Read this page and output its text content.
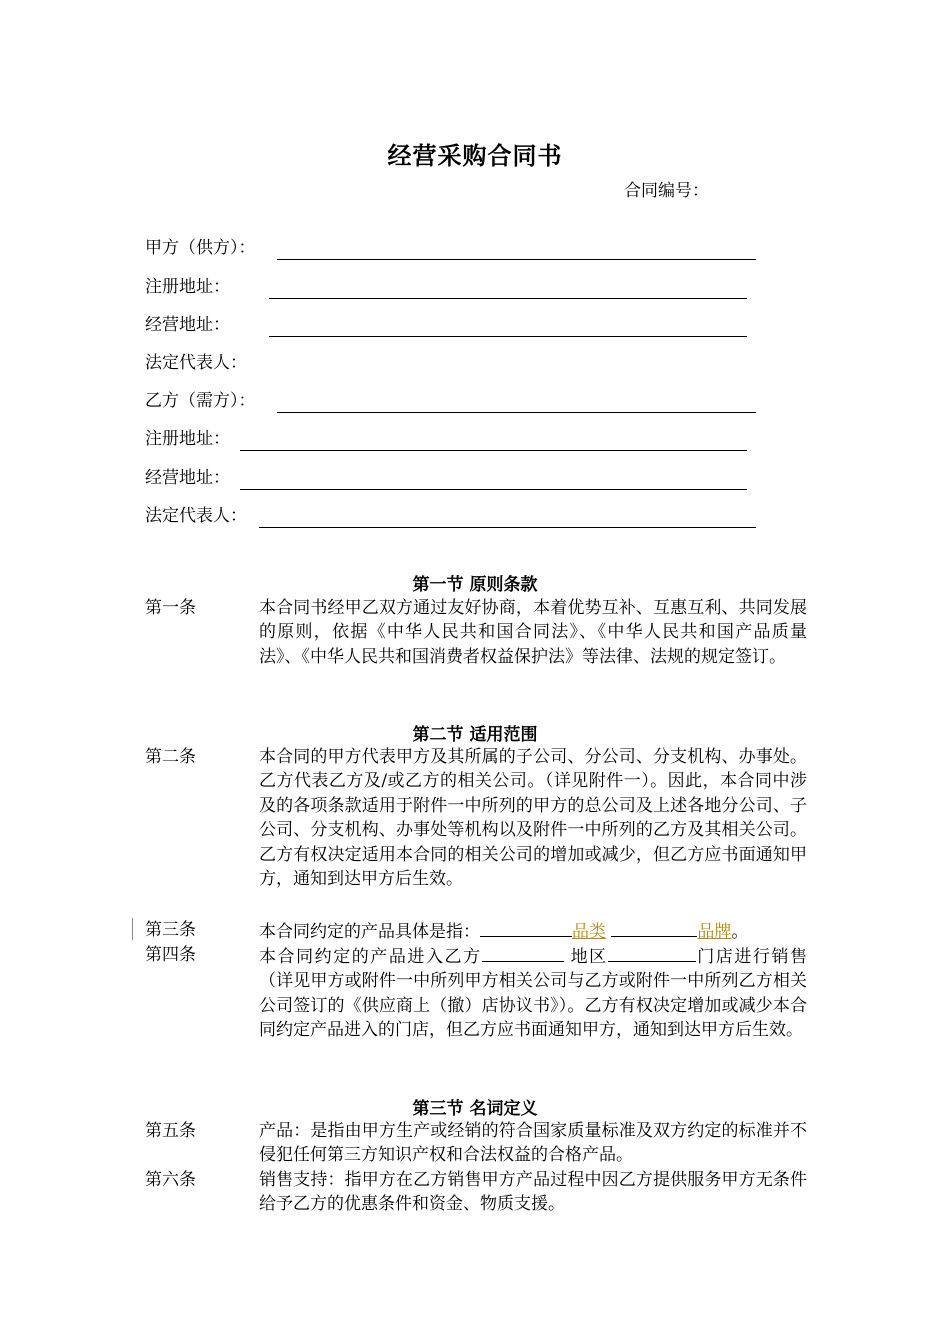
经营采购合同书
合同编号：
甲方（供方）：
注册地址：
经营地址：
法定代表人：
乙方（需方）：
注册地址：
经营地址：
法定代表人：
第一节 原则条款
第一条	本合同书经甲乙双方通过友好协商，本着优势互补、互惠互利、共同发展的原则，依据《中华人民共和国合同法》、《中华人民共和国产品质量法》、《中华人民共和国消费者权益保护法》等法律、法规的规定签订。
第二节 适用范围
第二条	本合同的甲方代表甲方及其所属的子公司、分公司、分支机构、办事处。乙方代表乙方及/或乙方的相关公司。（详见附件一）。因此，本合同中涉及的各项条款适用于附件一中所列的甲方的总公司及上述各地分公司、子公司、分支机构、办事处等机构以及附件一中所列的乙方及其相关公司。乙方有权决定适用本合同的相关公司的增加或减少，但乙方应书面通知甲方，通知到达甲方后生效。
第三条	本合同约定的产品具体是指：	品类	品牌。
第四条	本合同约定的产品进入乙方	地区	门店进行销售（详见甲方或附件一中所列甲方相关公司与乙方或附件一中所列乙方相关公司签订的《供应商上（撤）店协议书》）。乙方有权决定增加或减少本合同约定产品进入的门店，但乙方应书面通知甲方，通知到达甲方后生效。
第三节 名词定义
第五条	产品：是指由甲方生产或经销的符合国家质量标准及双方约定的标准并不侵犯任何第三方知识产权和合法权益的合格产品。
第六条	销售支持：指甲方在乙方销售甲方产品过程中因乙方提供服务甲方无条件给予乙方的优惠条件和资金、物质支援。
